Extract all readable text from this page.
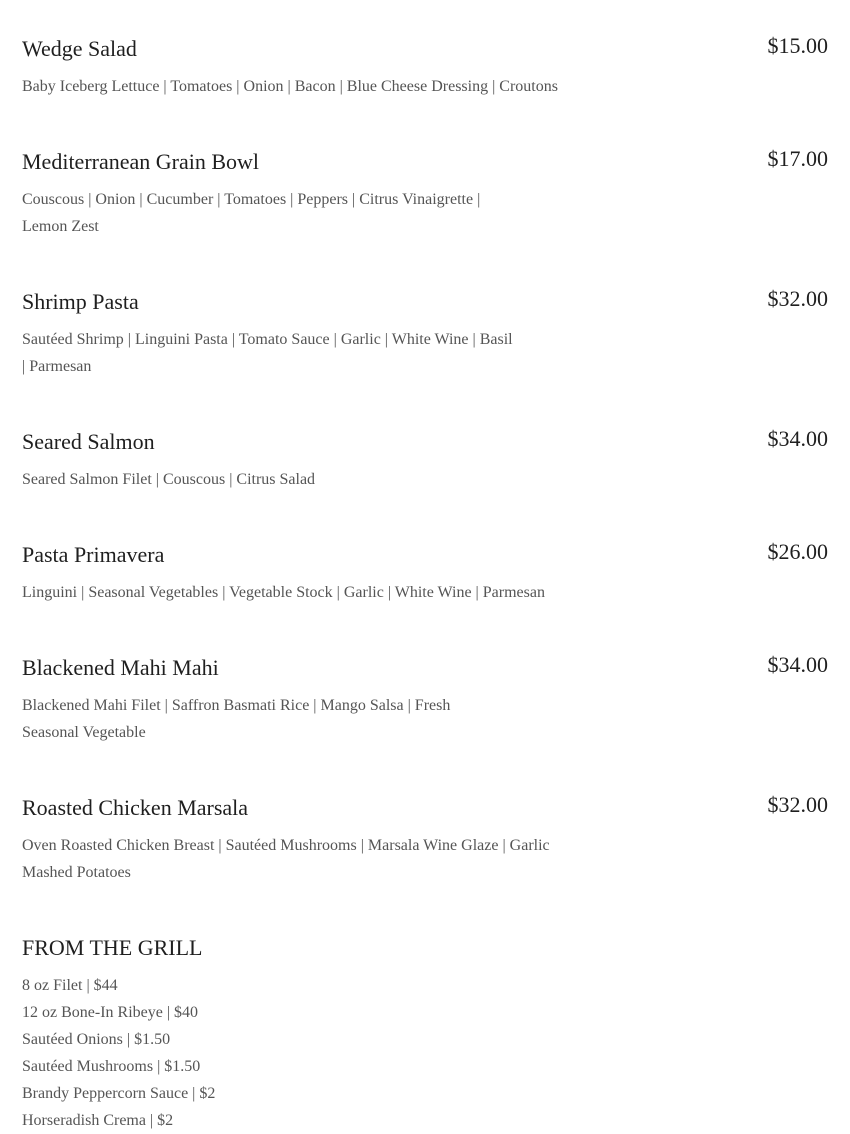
Wedge Salad	$15.00
Baby Iceberg Lettuce | Tomatoes | Onion | Bacon | Blue Cheese Dressing | Croutons
Mediterranean Grain Bowl	$17.00
Couscous | Onion | Cucumber | Tomatoes | Peppers | Citrus Vinaigrette |
Lemon Zest
Shrimp Pasta	$32.00
Sautéed Shrimp | Linguini Pasta | Tomato Sauce | Garlic | White Wine | Basil
| Parmesan
Seared Salmon	$34.00
Seared Salmon Filet | Couscous | Citrus Salad
Pasta Primavera	$26.00
Linguini | Seasonal Vegetables | Vegetable Stock | Garlic | White Wine | Parmesan
Blackened Mahi Mahi	$34.00
Blackened Mahi Filet | Saffron Basmati Rice | Mango Salsa | Fresh
Seasonal Vegetable
Roasted Chicken Marsala	$32.00
Oven Roasted Chicken Breast | Sautéed Mushrooms | Marsala Wine Glaze | Garlic
Mashed Potatoes
FROM THE GRILL
8 oz Filet | $44
12 oz Bone-In Ribeye | $40
Sautéed Onions | $1.50
Sautéed Mushrooms | $1.50
Brandy Peppercorn Sauce | $2
Horseradish Crema | $2
